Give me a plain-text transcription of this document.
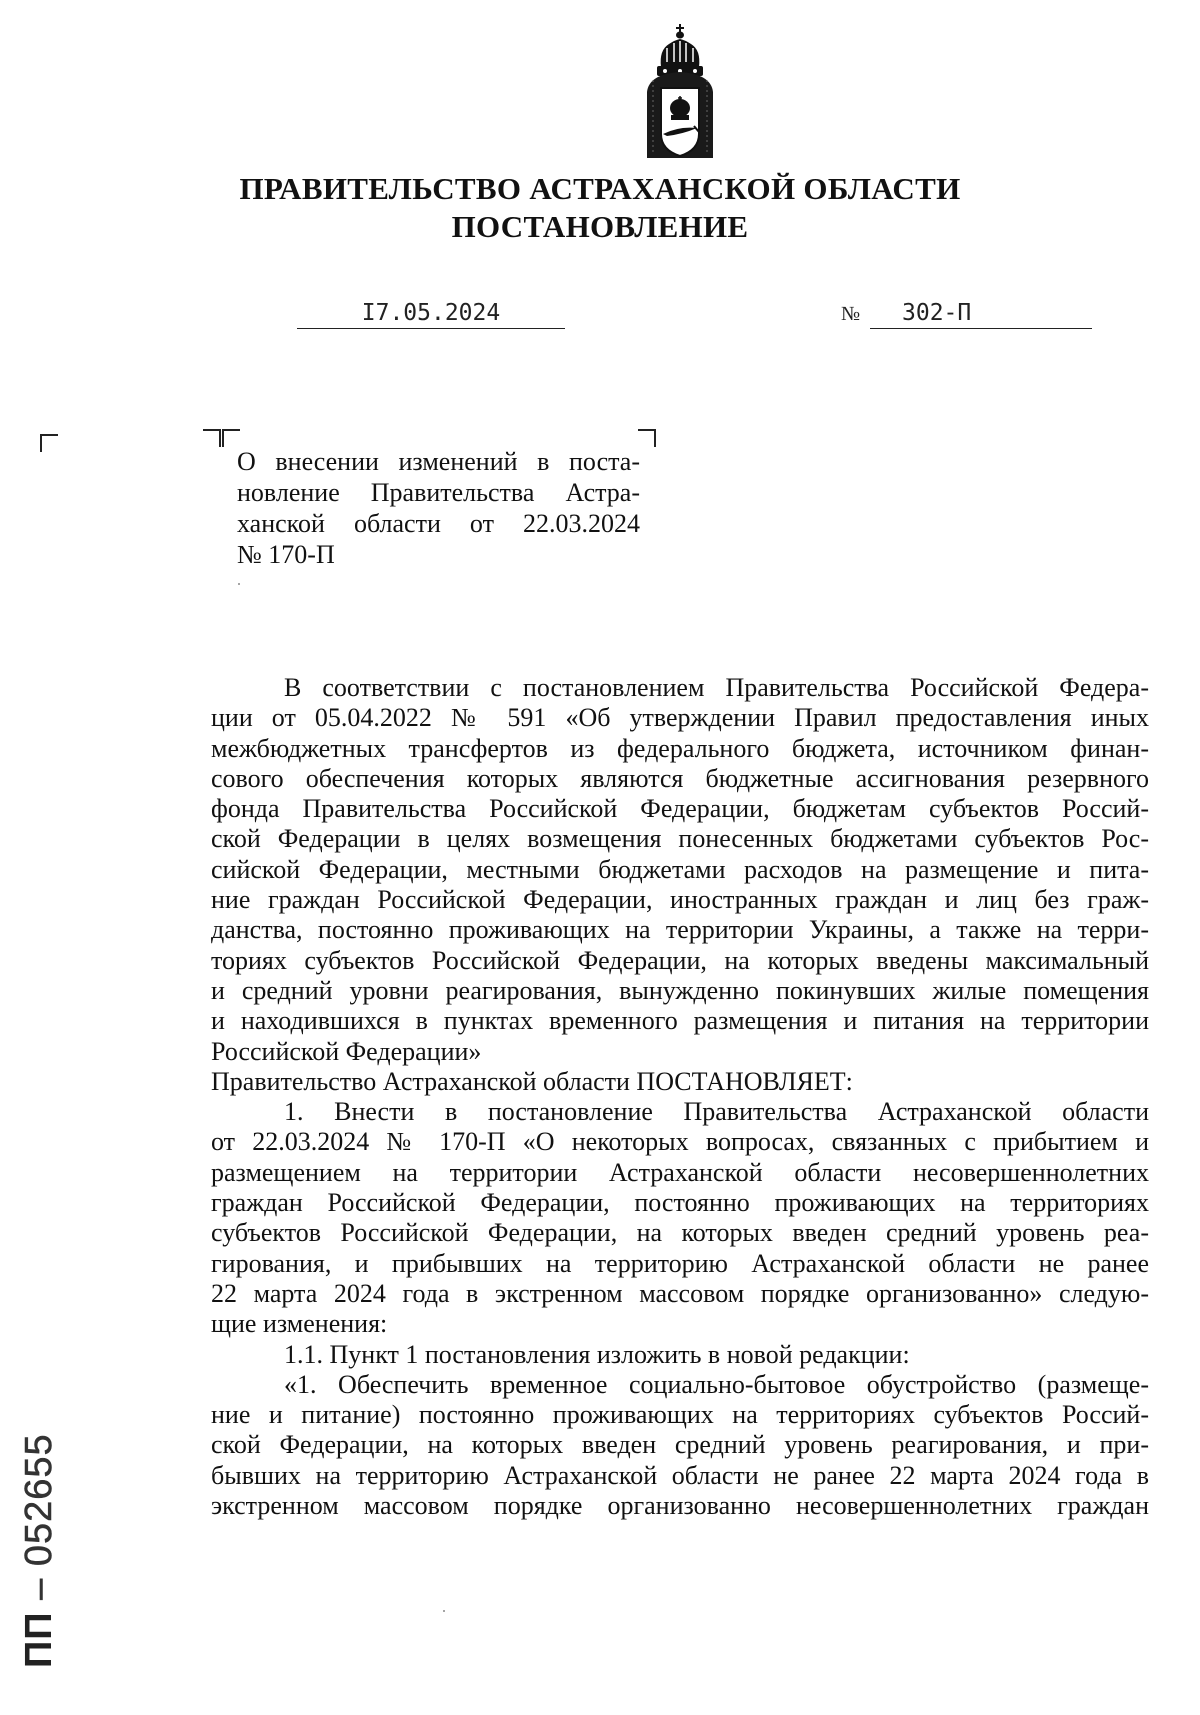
ПРАВИТЕЛЬСТВО АСТРАХАНСКОЙ ОБЛАСТИ
ПОСТАНОВЛЕНИЕ
I7.05.2024	№	302-П
О внесении изменений в поста-
новление Правительства Астра-
ханской области от 22.03.2024
№ 170-П
В соответствии с постановлением Правительства Российской Федера-
ции от 05.04.2022 № 591 «Об утверждении Правил предоставления иных
межбюджетных трансфертов из федерального бюджета, источником финан-
сового обеспечения которых являются бюджетные ассигнования резервного
фонда Правительства Российской Федерации, бюджетам субъектов Россий-
ской Федерации в целях возмещения понесенных бюджетами субъектов Рос-
сийской Федерации, местными бюджетами расходов на размещение и пита-
ние граждан Российской Федерации, иностранных граждан и лиц без граж-
данства, постоянно проживающих на территории Украины, а также на терри-
ториях субъектов Российской Федерации, на которых введены максимальный
и средний уровни реагирования, вынужденно покинувших жилые помещения
и находившихся в пунктах временного размещения и питания на территории
Российской Федерации»
Правительство Астраханской области ПОСТАНОВЛЯЕТ:
1. Внести в постановление Правительства Астраханской области
от 22.03.2024 № 170-П «О некоторых вопросах, связанных с прибытием и
размещением на территории Астраханской области несовершеннолетних
граждан Российской Федерации, постоянно проживающих на территориях
субъектов Российской Федерации, на которых введен средний уровень реа-
гирования, и прибывших на территорию Астраханской области не ранее
22 марта 2024 года в экстренном массовом порядке организованно» следую-
щие изменения:
1.1. Пункт 1 постановления изложить в новой редакции:
«1. Обеспечить временное социально-бытовое обустройство (размеще-
ние и питание) постоянно проживающих на территориях субъектов Россий-
ской Федерации, на которых введен средний уровень реагирования, и при-
бывших на территорию Астраханской области не ранее 22 марта 2024 года в
экстренном массовом порядке организованно несовершеннолетних граждан
ПП – 052655
